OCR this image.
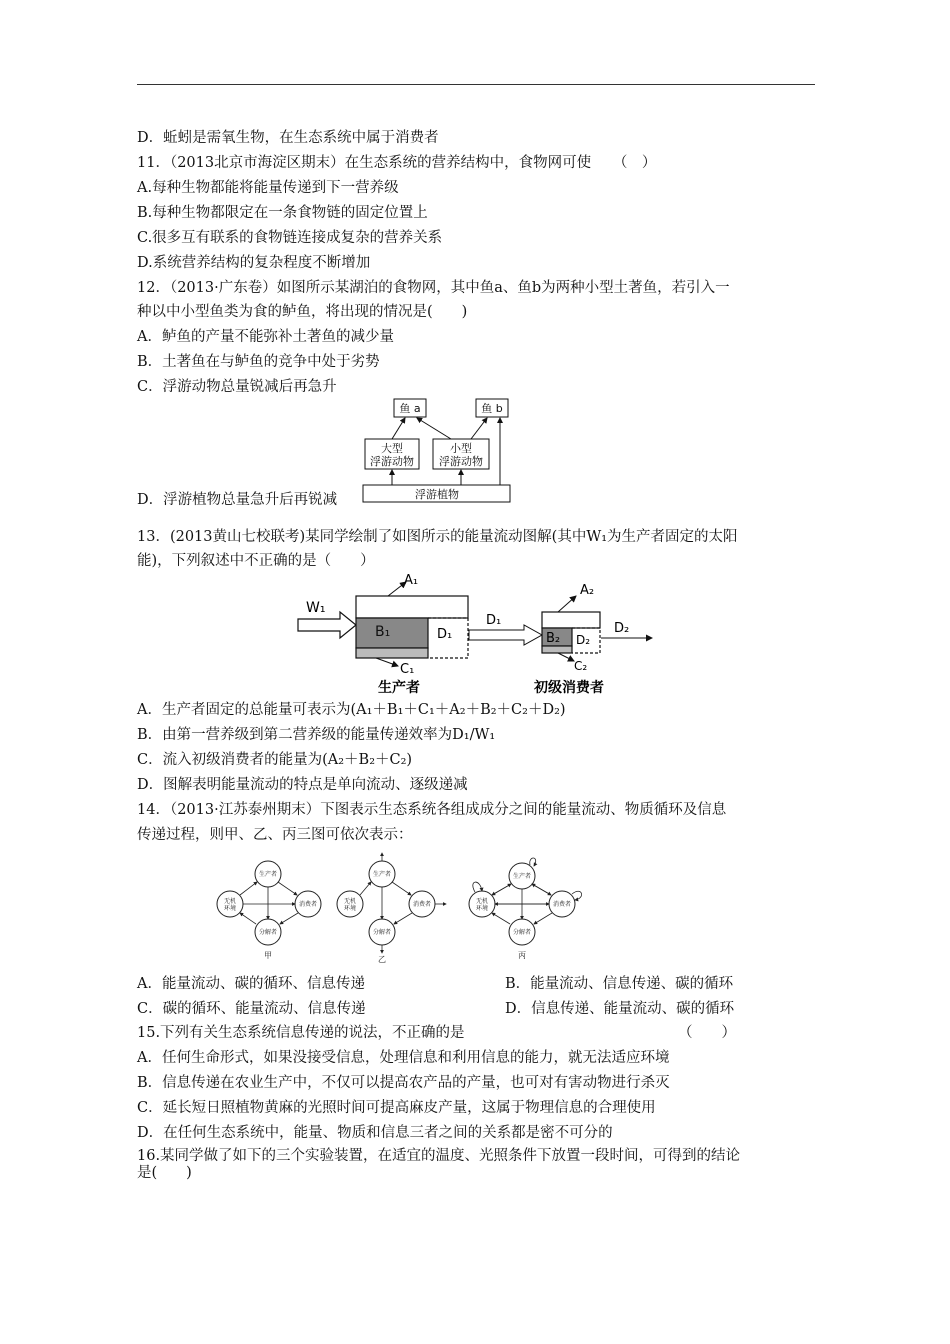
D．蚯蚓是需氧生物，在生态系统中属于消费者
11．（2013北京市海淀区期末）在生态系统的营养结构中，食物网可使　　（　）
A.每种生物都能将能量传递到下一营养级
B.每种生物都限定在一条食物链的固定位置上
C.很多互有联系的食物链连接成复杂的营养关系
D.系统营养结构的复杂程度不断增加
12．（2013·广东卷）如图所示某湖泊的食物网，其中鱼a、鱼b为两种小型土著鱼，若引入一
种以中小型鱼类为食的鲈鱼，将出现的情况是(　　)
A．鲈鱼的产量不能弥补土著鱼的减少量
B．土著鱼在与鲈鱼的竞争中处于劣势
C．浮游动物总量锐减后再急升
D．浮游植物总量急升后再锐减
鱼 a	鱼 b
大型
浮游动物
小型
浮游动物
浮游植物
13．(2013黄山七校联考)某同学绘制了如图所示的能量流动图解(其中W₁为生产者固定的太阳
能)，下列叙述中不正确的是（　　）
W₁
A₁
B₁	D₁
C₁
D₁
A₂
B₂ D₂
C₂
D₂
生产者	初级消费者
A．生产者固定的总能量可表示为(A₁＋B₁＋C₁＋A₂＋B₂＋C₂＋D₂)
B．由第一营养级到第二营养级的能量传递效率为D₁/W₁
C．流入初级消费者的能量为(A₂＋B₂＋C₂)
D．图解表明能量流动的特点是单向流动、逐级递减
14．（2013·江苏泰州期末）下图表示生态系统各组成成分之间的能量流动、物质循环及信息
传递过程，则甲、乙、丙三图可依次表示：
生产者
无机
环境
消费者
分解者
甲
生产者
无机
环境
消费者
分解者
乙
生产者
无机
环境
消费者
分解者
丙
A．能量流动、碳的循环、信息传递	B．能量流动、信息传递、碳的循环
C．碳的循环、能量流动、信息传递	D．信息传递、能量流动、碳的循环
15.下列有关生态系统信息传递的说法，不正确的是	（　　）
A．任何生命形式，如果没接受信息，处理信息和利用信息的能力，就无法适应环境
B．信息传递在农业生产中，不仅可以提高农产品的产量，也可对有害动物进行杀灭
C．延长短日照植物黄麻的光照时间可提高麻皮产量，这属于物理信息的合理使用
D．在任何生态系统中，能量、物质和信息三者之间的关系都是密不可分的
16.某同学做了如下的三个实验装置，在适宜的温度、光照条件下放置一段时间，可得到的结论
是(　　)
